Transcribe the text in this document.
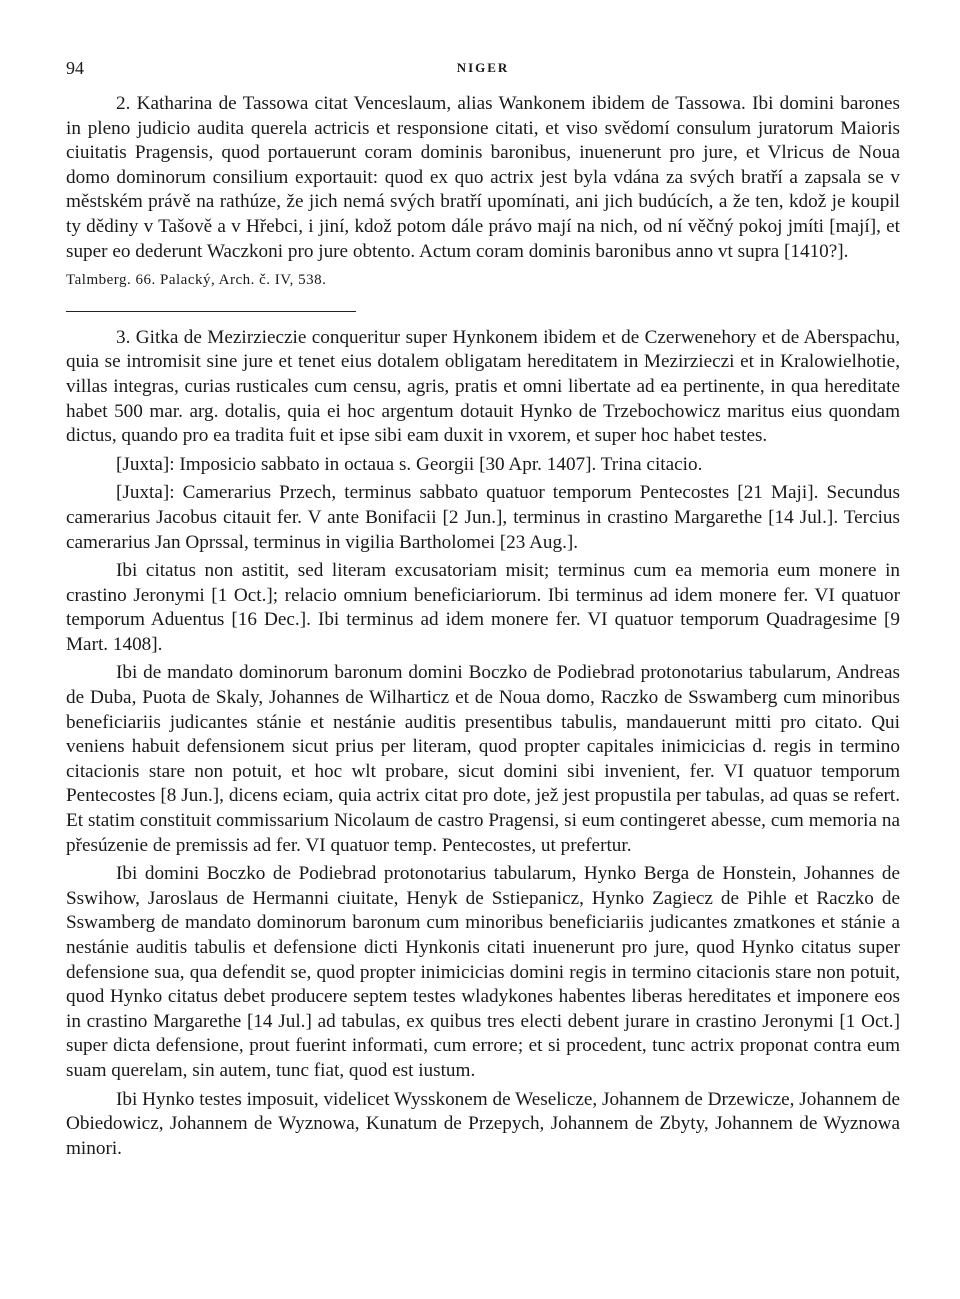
94	NIGER

2. Katharina de Tassowa citat Venceslaum, alias Wankonem ibidem de Tassowa. Ibi domini barones in pleno judicio audita querela actricis et responsione citati, et viso svědomí consulum juratorum Maioris ciuitatis Pragensis, quod portauerunt coram dominis baronibus, inuenerunt pro jure, et Vlricus de Noua domo dominorum consilium exportauit: quod ex quo actrix jest byla vdána za svých bratří a zapsala se v městském právě na rathúze, že jich nemá svých bratří upomínati, ani jich budúcích, a že ten, kdož je koupil ty dědiny v Tašově a v Hřebci, i jiní, kdož potom dále právo mají na nich, od ní věčný pokoj jmíti [mají], et super eo dederunt Waczkoni pro jure obtento. Actum coram dominis baronibus anno vt supra [1410?].

Talmberg. 66. Palacký, Arch. č. IV, 538.

3. Gitka de Mezirzieczie conqueritur super Hynkonem ibidem et de Czerwenehory et de Aberspachu, quia se intromisit sine jure et tenet eius dotalem obligatam hereditatem in Mezirzieczi et in Kralowielhotie, villas integras, curias rusticales cum censu, agris, pratis et omni libertate ad ea pertinente, in qua hereditate habet 500 mar. arg. dotalis, quia ei hoc argentum dotauit Hynko de Trzebochowicz maritus eius quondam dictus, quando pro ea tradita fuit et ipse sibi eam duxit in vxorem, et super hoc habet testes.

[Juxta]: Imposicio sabbato in octaua s. Georgii [30 Apr. 1407]. Trina citacio.

[Juxta]: Camerarius Przech, terminus sabbato quatuor temporum Pentecostes [21 Maji]. Secundus camerarius Jacobus citauit fer. V ante Bonifacii [2 Jun.], terminus in crastino Margarethe [14 Jul.]. Tercius camerarius Jan Oprssal, terminus in vigilia Bartholomei [23 Aug.].

Ibi citatus non astitit, sed literam excusatoriam misit; terminus cum ea memoria eum monere in crastino Jeronymi [1 Oct.]; relacio omnium beneficiariorum. Ibi terminus ad idem monere fer. VI quatuor temporum Aduentus [16 Dec.]. Ibi terminus ad idem monere fer. VI quatuor temporum Quadragesime [9 Mart. 1408].

Ibi de mandato dominorum baronum domini Boczko de Podiebrad protonotarius tabularum, Andreas de Duba, Puota de Skaly, Johannes de Wilharticz et de Noua domo, Raczko de Sswamberg cum minoribus beneficiariis judicantes stánie et nestánie auditis presentibus tabulis, mandauerunt mitti pro citato. Qui veniens habuit defensionem sicut prius per literam, quod propter capitales inimicicias d. regis in termino citacionis stare non potuit, et hoc wlt probare, sicut domini sibi invenient, fer. VI quatuor temporum Pentecostes [8 Jun.], dicens eciam, quia actrix citat pro dote, jež jest propustila per tabulas, ad quas se refert. Et statim constituit commissarium Nicolaum de castro Pragensi, si eum contingeret abesse, cum memoria na přesúzenie de premissis ad fer. VI quatuor temp. Pentecostes, ut prefertur.

Ibi domini Boczko de Podiebrad protonotarius tabularum, Hynko Berga de Honstein, Johannes de Sswihow, Jaroslaus de Hermanni ciuitate, Henyk de Sstiepanicz, Hynko Zagiecz de Pihle et Raczko de Sswamberg de mandato dominorum baronum cum minoribus beneficiariis judicantes zmatkones et stánie a nestánie auditis tabulis et defensione dicti Hynkonis citati inuenerunt pro jure, quod Hynko citatus super defensione sua, qua defendit se, quod propter inimicicias domini regis in termino citacionis stare non potuit, quod Hynko citatus debet producere septem testes wladykones habentes liberas hereditates et imponere eos in crastino Margarethe [14 Jul.] ad tabulas, ex quibus tres electi debent jurare in crastino Jeronymi [1 Oct.] super dicta defensione, prout fuerint informati, cum errore; et si procedent, tunc actrix proponat contra eum suam querelam, sin autem, tunc fiat, quod est iustum.

Ibi Hynko testes imposuit, videlicet Wysskonem de Weselicze, Johannem de Drzewicze, Johannem de Obiedowicz, Johannem de Wyznowa, Kunatum de Przepych, Johannem de Zbyty, Johannem de Wyznowa minori.
